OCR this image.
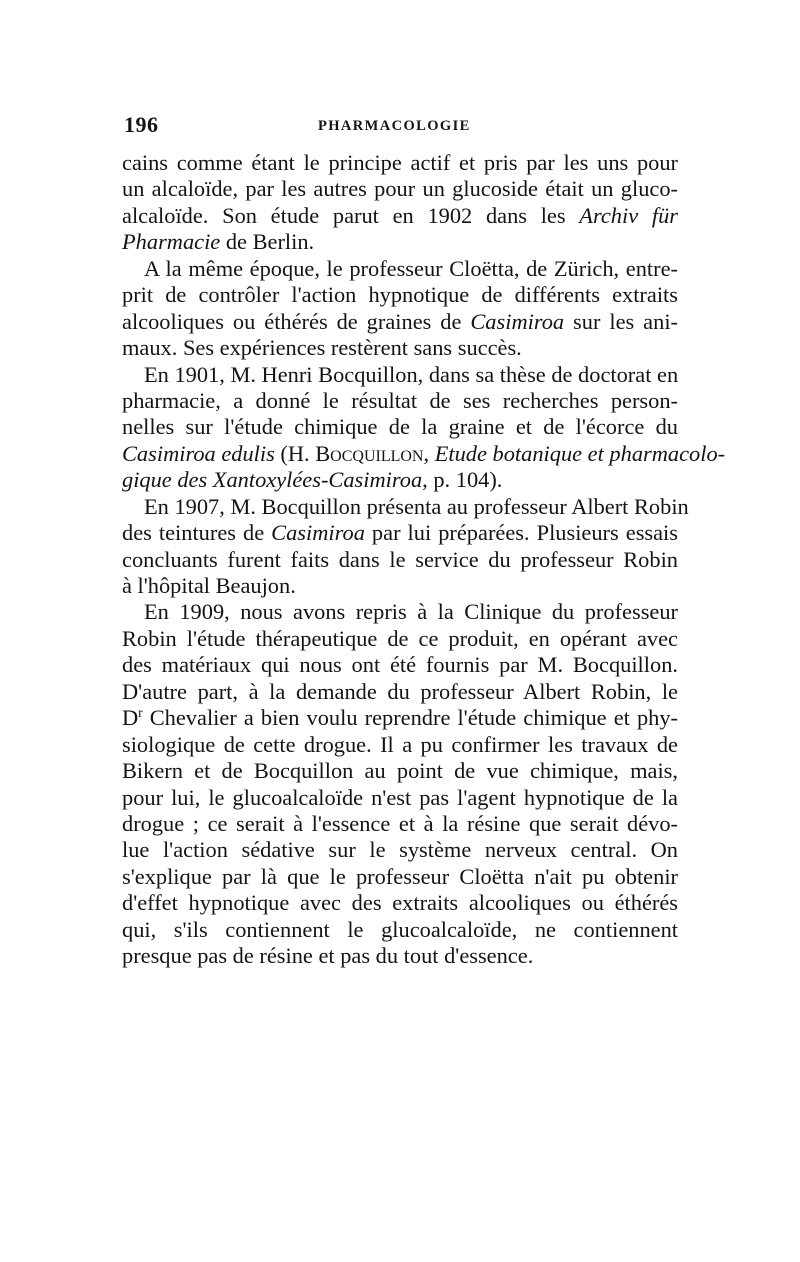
196	PHARMACOLOGIE
cains comme étant le principe actif et pris par les uns pour
un alcaloïde, par les autres pour un glucoside était un gluco-
alcaloïde. Son étude parut en 1902 dans les Archiv für
Pharmacie de Berlin.
A la même époque, le professeur Cloëtta, de Zürich, entre-
prit de contrôler l'action hypnotique de différents extraits
alcooliques ou éthérés de graines de Casimiroa sur les ani-
maux. Ses expériences restèrent sans succès.
En 1901, M. Henri Bocquillon, dans sa thèse de doctorat en
pharmacie, a donné le résultat de ses recherches person-
nelles sur l'étude chimique de la graine et de l'écorce du
Casimiroa edulis (H. Bocquillon, Etude botanique et pharmacolo-
gique des Xantoxylées-Casimiroa, p. 104).
En 1907, M. Bocquillon présenta au professeur Albert Robin
des teintures de Casimiroa par lui préparées. Plusieurs essais
concluants furent faits dans le service du professeur Robin
à l'hôpital Beaujon.
En 1909, nous avons repris à la Clinique du professeur
Robin l'étude thérapeutique de ce produit, en opérant avec
des matériaux qui nous ont été fournis par M. Bocquillon.
D'autre part, à la demande du professeur Albert Robin, le
$D^r$ Chevalier a bien voulu reprendre l'étude chimique et phy-
siologique de cette drogue. Il a pu confirmer les travaux de
Bikern et de Bocquillon au point de vue chimique, mais,
pour lui, le glucoalcaloïde n'est pas l'agent hypnotique de la
drogue ; ce serait à l'essence et à la résine que serait dévo-
lue l'action sédative sur le système nerveux central. On
s'explique par là que le professeur Cloëtta n'ait pu obtenir
d'effet hypnotique avec des extraits alcooliques ou éthérés
qui, s'ils contiennent le glucoalcaloïde, ne contiennent
presque pas de résine et pas du tout d'essence.
